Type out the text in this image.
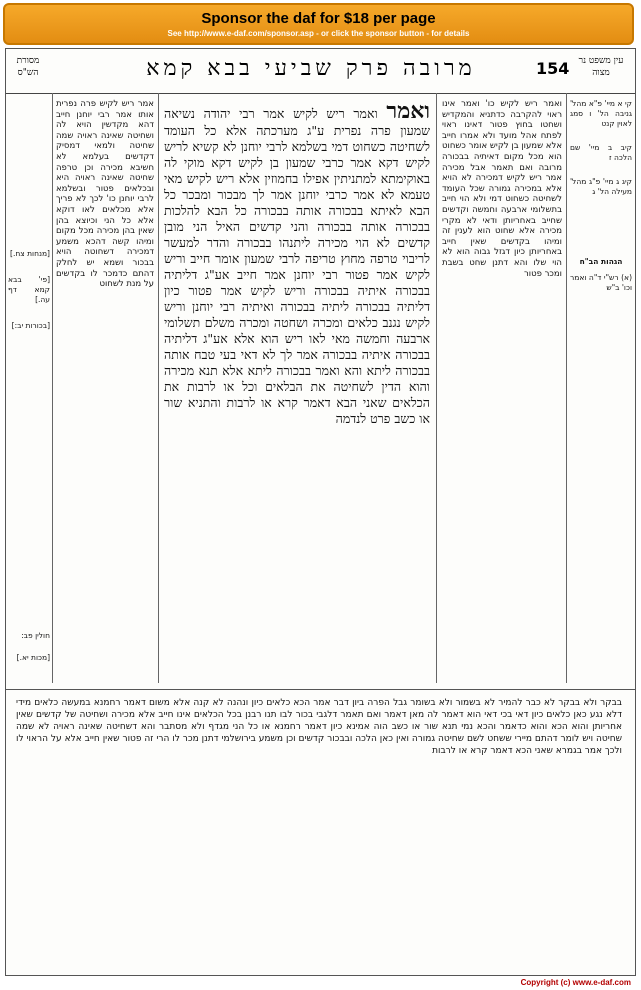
Sponsor the daf for $18 per page
See http://www.e-daf.com/sponsor.asp - or click the sponsor button - for details
מסורת הש"ס	מרובה פרק שביעי בבא קמא	154	עין משפט נר מצוה
[מנחות צח.]
[פי' בבא קמא דף עה.]
[בכורות יב:]
חולין פב:
[מכות יא.]
אמר ריש לקיש פרה נפרית אותו אמר רבי יוחנן חייב דהא מקדשין הויא לה ושחיטה שאינה ראויה שמה שחיטה ולמאי דמסיק דקדשים בעלמא לא חשיבא מכירה וכן טרפה שחיטה שאינה ראויה היא ובכלאים פטור ובשלמא לרבי יוחנן כו' לכך לא פריך אלא מכלאים לאו דוקא אלא כל הני וכיוצא בהן שאין בהן מכירה מכל מקום ומיהו קשה דהכא משמע דמכירה דשחוטה הויא בבכור ושמא יש לחלק דהתם כדמכר לו בקדשים על מנת לשחוט
ואמר ואמר ריש לקיש אמר רבי יהודה נשיאה שמעון פרה נפרית ע"ג מערכתה אלא כל העומד לשחיטה כשחוט דמי בשלמא לרבי יוחנן לא קשיא לריש לקיש דקא אמר כרבי שמעון בן לקיש דקא מוקי לה באוקימתא למתניתין אפילו בחמוזין אלא ריש לקיש מאי טעמא לא אמר כרבי יוחנן אמר לך מבכור ומבכר כל הבא לאיתא בבכורה אותה בבכורה כל הבא להלכות בבכורה אותה בבכורה והני קדשים האיל הני מובן קדשים לא הוי מכירה ליתנהו בבכורה והדר למעשר לריבוי טרפה מחוץ טריפה לרבי שמעון אומר חייב וריש לקיש אמר פטור רבי יוחנן אמר חייב אע"ג דליתיה בבכורה איתיה בבכורה וריש לקיש אמר פטור כיון דליתיה בבכורה ליתיה בבכורה ואיתיה רבי יוחנן וריש לקיש נגנב כלאים ומכרה ושחטה ומכרה משלם תשלומי ארבעה וחמשה מאי לאו ריש הוא אלא אע"ג דליתיה בבכורה איתיה בבכורה אמר לך לא דאי בעי טבח אותה בבכורה ליתא והא ואמר בבכורה ליתא אלא תנא מכירה והוא הדין לשחיטה את הבלאים וכל או לרבות את הכלאים שאני הבא דאמר קרא או לרבות והתניא שור או כשב פרט לנדמה
ואמר ריש לקיש כו' ואמר אינו ראוי להקרבה כדתניא והמקדיש ושחטו בחוץ פטור דאינו ראוי לפתח אהל מועד ולא אמרו חייב אלא שמעון בן לקיש אומר כשחוט הוא מכל מקום דאיתיה בבכורה מרובה ואם תאמר אבל מכירה אמר ריש לקיש דמכירה לא הויא אלא במכירה גמורה שכל העומד לשחיטה כשחוט דמי ולא הוי חייב בתשלומי ארבעה וחמשה וקדשים שחייב באחריותן ודאי לא מקרי מכירה אלא שחוט הוא לענין זה ומיהו בקדשים שאין חייב באחריותן כיון דגזל גבוה הוא לא הוי שלו והא דתנן שחט בשבת ומכר פטור
קי א מיי' פ"א מהל' גניבה הל' ו סמג לאוין קנט
קיב ב מיי' שם הלכה ז
קיג ג מיי' פ"ג מהל' מעילה הל' ג
הגהות הב"ח
(א) רש"י ד"ה ואמר וכו' ב"ש
בבקר ולא בבקר לא כבר להמיר לא בשמור ולא בשומר גבל הפרה ביון דבר אמר הכא כלאים כיון ונהנה לא קנה אלא משום דאמר רחמנא במעשה כלאים מידי דלא נגע כאן כלאים כיון דאי בכי דאי הוא דאמר לה מאן דאמר ואם תאמר דלגבי בכור לבו תנו רבנן בכל הכלאים אינו חייב אלא מכירה ושחיטה של קדשים שאין אחריותן והוא הכא והוא כדאמר והכא נמי תנא שור או כשב הוה אמינא כיון דאמר רחמנא או כל הני מגדף ולא מסתבר והא דשחיטה שאינה ראויה לא שמה שחיטה ויש לומר דהתם מיירי ששחט לשם שחיטה גמורה ואין כאן הלכה ובבכור קדשים וכן משמע בירושלמי דתנן מכר לו הרי זה פטור שאין חייב אלא על הראוי לו ולכך אמר בגמרא שאני הכא דאמר קרא או לרבות
Copyright (c) www.e-daf.com
